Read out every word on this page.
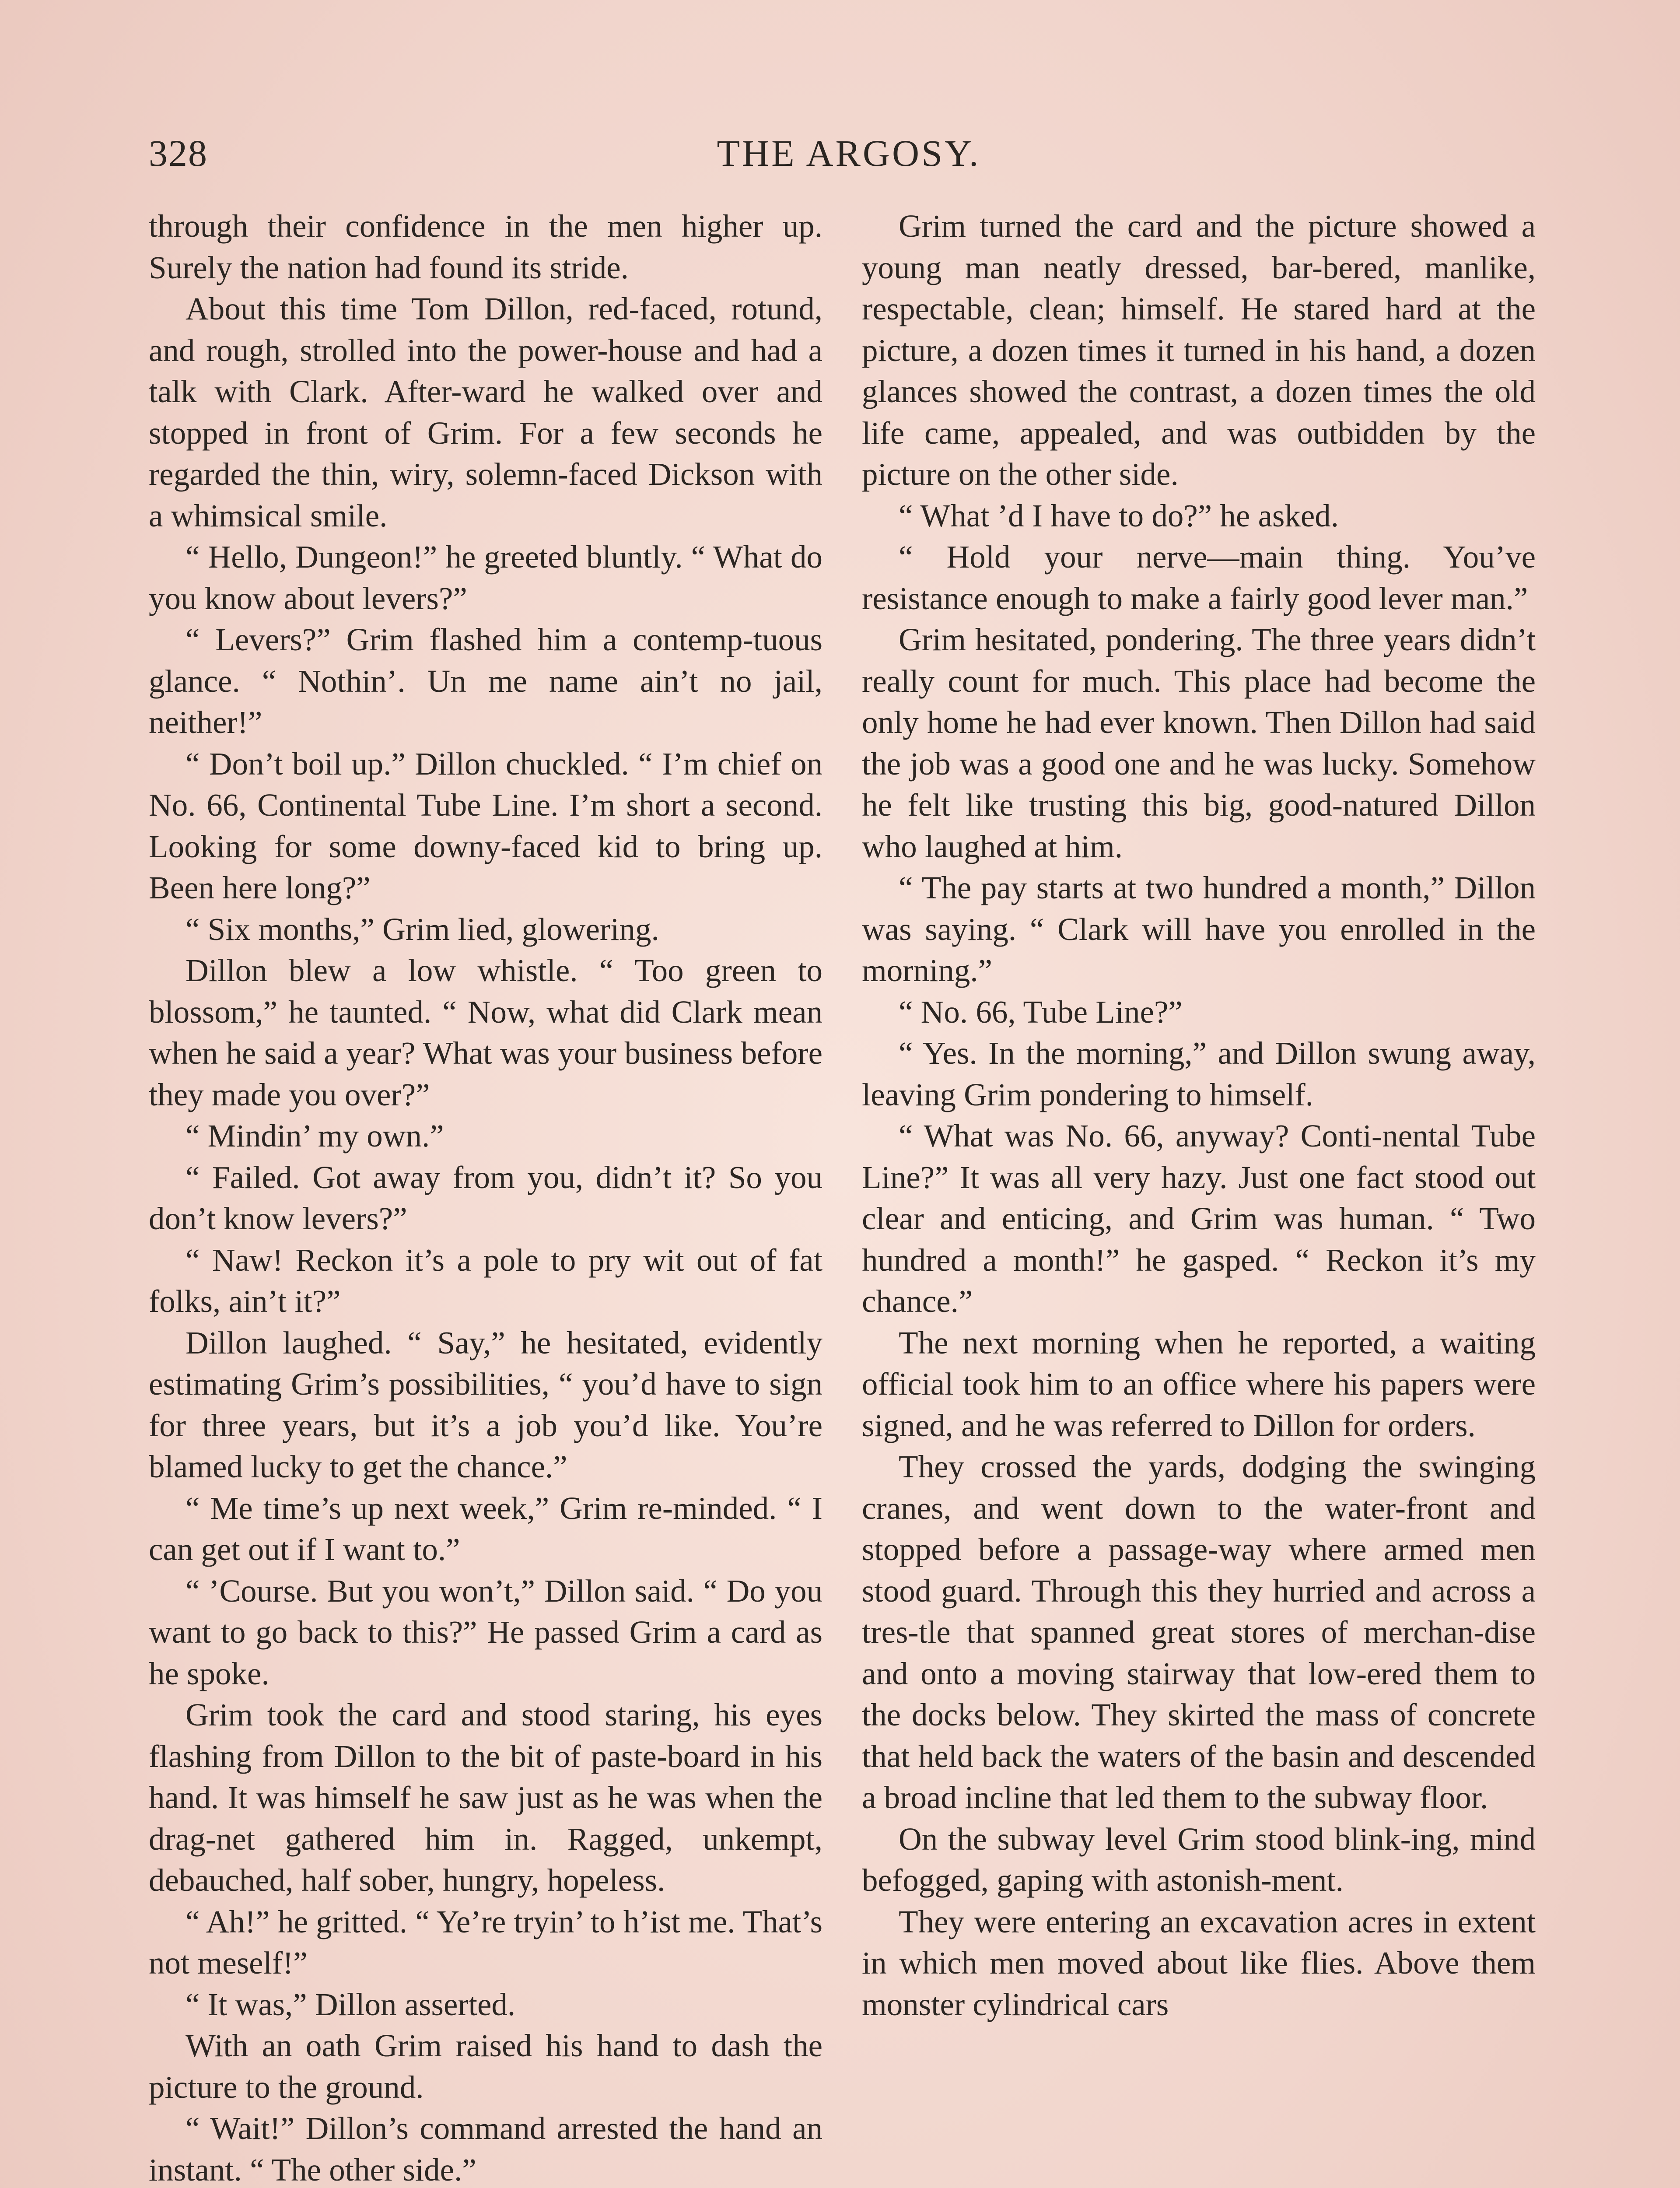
328	THE ARGOSY.

through their confidence in the men higher up. Surely the nation had found its stride.

About this time Tom Dillon, red-faced, rotund, and rough, strolled into the power-house and had a talk with Clark. After-ward he walked over and stopped in front of Grim. For a few seconds he regarded the thin, wiry, solemn-faced Dickson with a whimsical smile.

“ Hello, Dungeon!” he greeted bluntly. “ What do you know about levers?”

“ Levers?” Grim flashed him a contemp-tuous glance. “ Nothin’. Un me name ain’t no jail, neither!”

“ Don’t boil up.” Dillon chuckled. “ I’m chief on No. 66, Continental Tube Line. I’m short a second. Looking for some downy-faced kid to bring up. Been here long?”

“ Six months,” Grim lied, glowering.

Dillon blew a low whistle. “ Too green to blossom,” he taunted. “ Now, what did Clark mean when he said a year? What was your business before they made you over?”

“ Mindin’ my own.”

“ Failed. Got away from you, didn’t it? So you don’t know levers?”

“ Naw! Reckon it’s a pole to pry wit out of fat folks, ain’t it?”

Dillon laughed. “ Say,” he hesitated, evidently estimating Grim’s possibilities, “ you’d have to sign for three years, but it’s a job you’d like. You’re blamed lucky to get the chance.”

“ Me time’s up next week,” Grim re-minded. “ I can get out if I want to.”

“ ’Course. But you won’t,” Dillon said. “ Do you want to go back to this?” He passed Grim a card as he spoke.

Grim took the card and stood staring, his eyes flashing from Dillon to the bit of paste-board in his hand. It was himself he saw just as he was when the drag-net gathered him in. Ragged, unkempt, debauched, half sober, hungry, hopeless.

“ Ah!” he gritted. “ Ye’re tryin’ to h’ist me. That’s not meself!”

“ It was,” Dillon asserted.

With an oath Grim raised his hand to dash the picture to the ground.

“ Wait!” Dillon’s command arrested the hand an instant. “ The other side.”

Grim turned the card and the picture showed a young man neatly dressed, bar-bered, manlike, respectable, clean; himself. He stared hard at the picture, a dozen times it turned in his hand, a dozen glances showed the contrast, a dozen times the old life came, appealed, and was outbidden by the picture on the other side.

“ What ’d I have to do?” he asked.

“ Hold your nerve—main thing. You’ve resistance enough to make a fairly good lever man.”

Grim hesitated, pondering. The three years didn’t really count for much. This place had become the only home he had ever known. Then Dillon had said the job was a good one and he was lucky. Somehow he felt like trusting this big, good-natured Dillon who laughed at him.

“ The pay starts at two hundred a month,” Dillon was saying. “ Clark will have you enrolled in the morning.”

“ No. 66, Tube Line?”

“ Yes. In the morning,” and Dillon swung away, leaving Grim pondering to himself.

“ What was No. 66, anyway? Conti-nental Tube Line?” It was all very hazy. Just one fact stood out clear and enticing, and Grim was human. “ Two hundred a month!” he gasped. “ Reckon it’s my chance.”

The next morning when he reported, a waiting official took him to an office where his papers were signed, and he was referred to Dillon for orders.

They crossed the yards, dodging the swinging cranes, and went down to the water-front and stopped before a passage-way where armed men stood guard. Through this they hurried and across a tres-tle that spanned great stores of merchan-dise and onto a moving stairway that low-ered them to the docks below. They skirted the mass of concrete that held back the waters of the basin and descended a broad incline that led them to the subway floor.

On the subway level Grim stood blink-ing, mind befogged, gaping with astonish-ment.

They were entering an excavation acres in extent in which men moved about like flies. Above them monster cylindrical cars
